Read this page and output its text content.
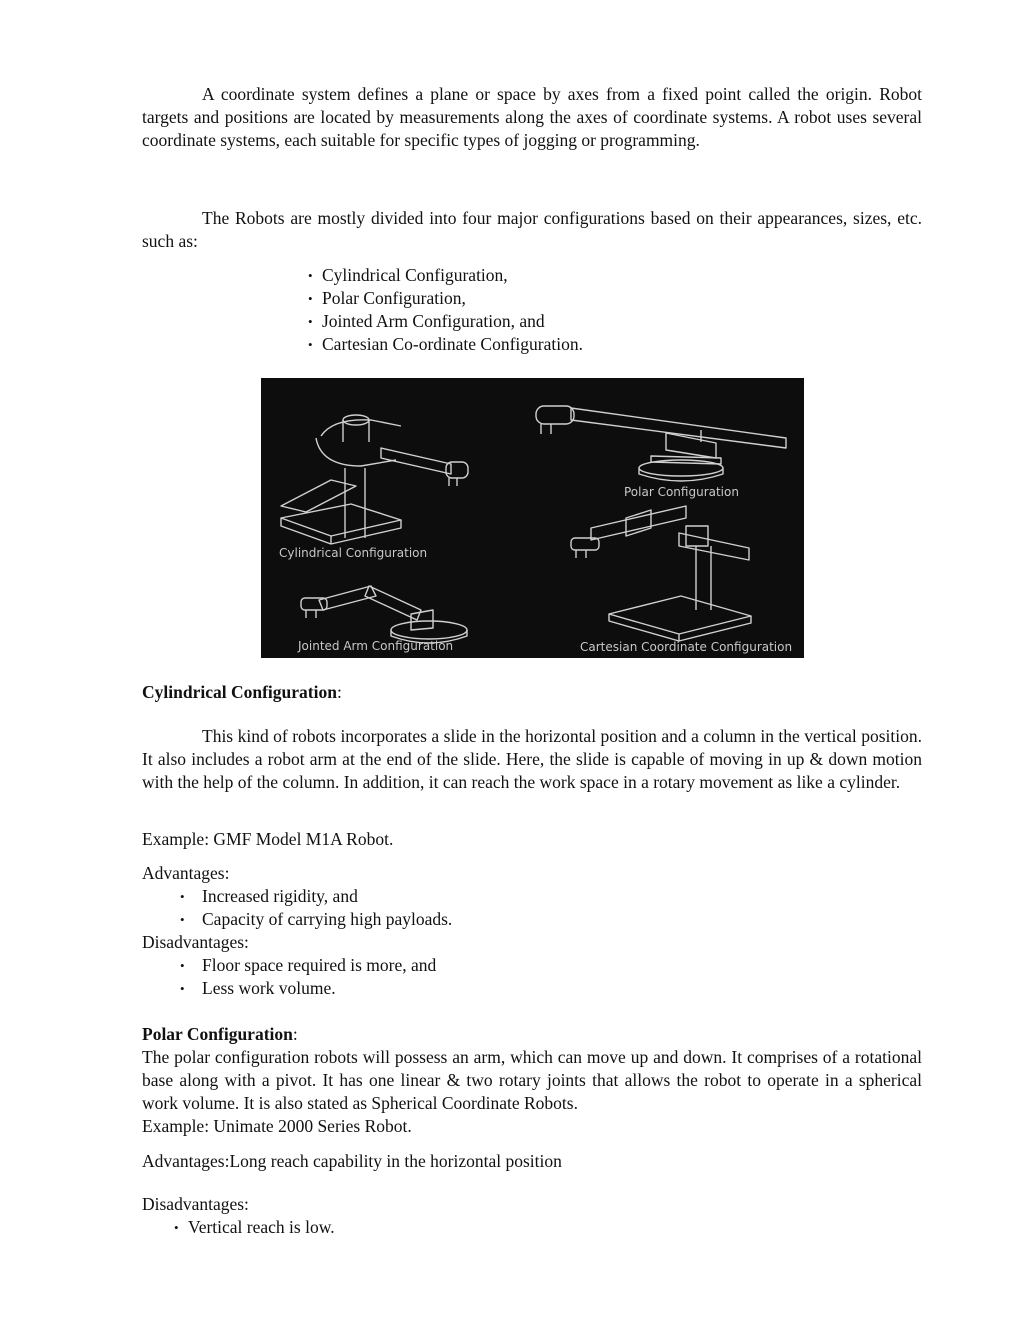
A coordinate system defines a plane or space by axes from a fixed point called the origin. Robot targets and positions are located by measurements along the axes of coordinate systems. A robot uses several coordinate systems, each suitable for specific types of jogging or programming.

The Robots are mostly divided into four major configurations based on their appearances, sizes, etc. such as:

• Cylindrical Configuration,
• Polar Configuration,
• Jointed Arm Configuration, and
• Cartesian Co-ordinate Configuration.
Cylindrical Configuration
Polar Configuration
Jointed Arm Configuration	Cartesian Coordinate Configuration

Cylindrical Configuration:

This kind of robots incorporates a slide in the horizontal position and a column in the vertical position. It also includes a robot arm at the end of the slide. Here, the slide is capable of moving in up & down motion with the help of the column. In addition, it can reach the work space in a rotary movement as like a cylinder.

Example: GMF Model M1A Robot.

Advantages:

• Increased rigidity, and
• Capacity of carrying high payloads.

Disadvantages:

• Floor space required is more, and
• Less work volume.

Polar Configuration:

The polar configuration robots will possess an arm, which can move up and down. It comprises of a rotational base along with a pivot. It has one linear & two rotary joints that allows the robot to operate in a spherical work volume. It is also stated as Spherical Coordinate Robots.

Example: Unimate 2000 Series Robot.

Advantages:Long reach capability in the horizontal position

Disadvantages:

• Vertical reach is low.
